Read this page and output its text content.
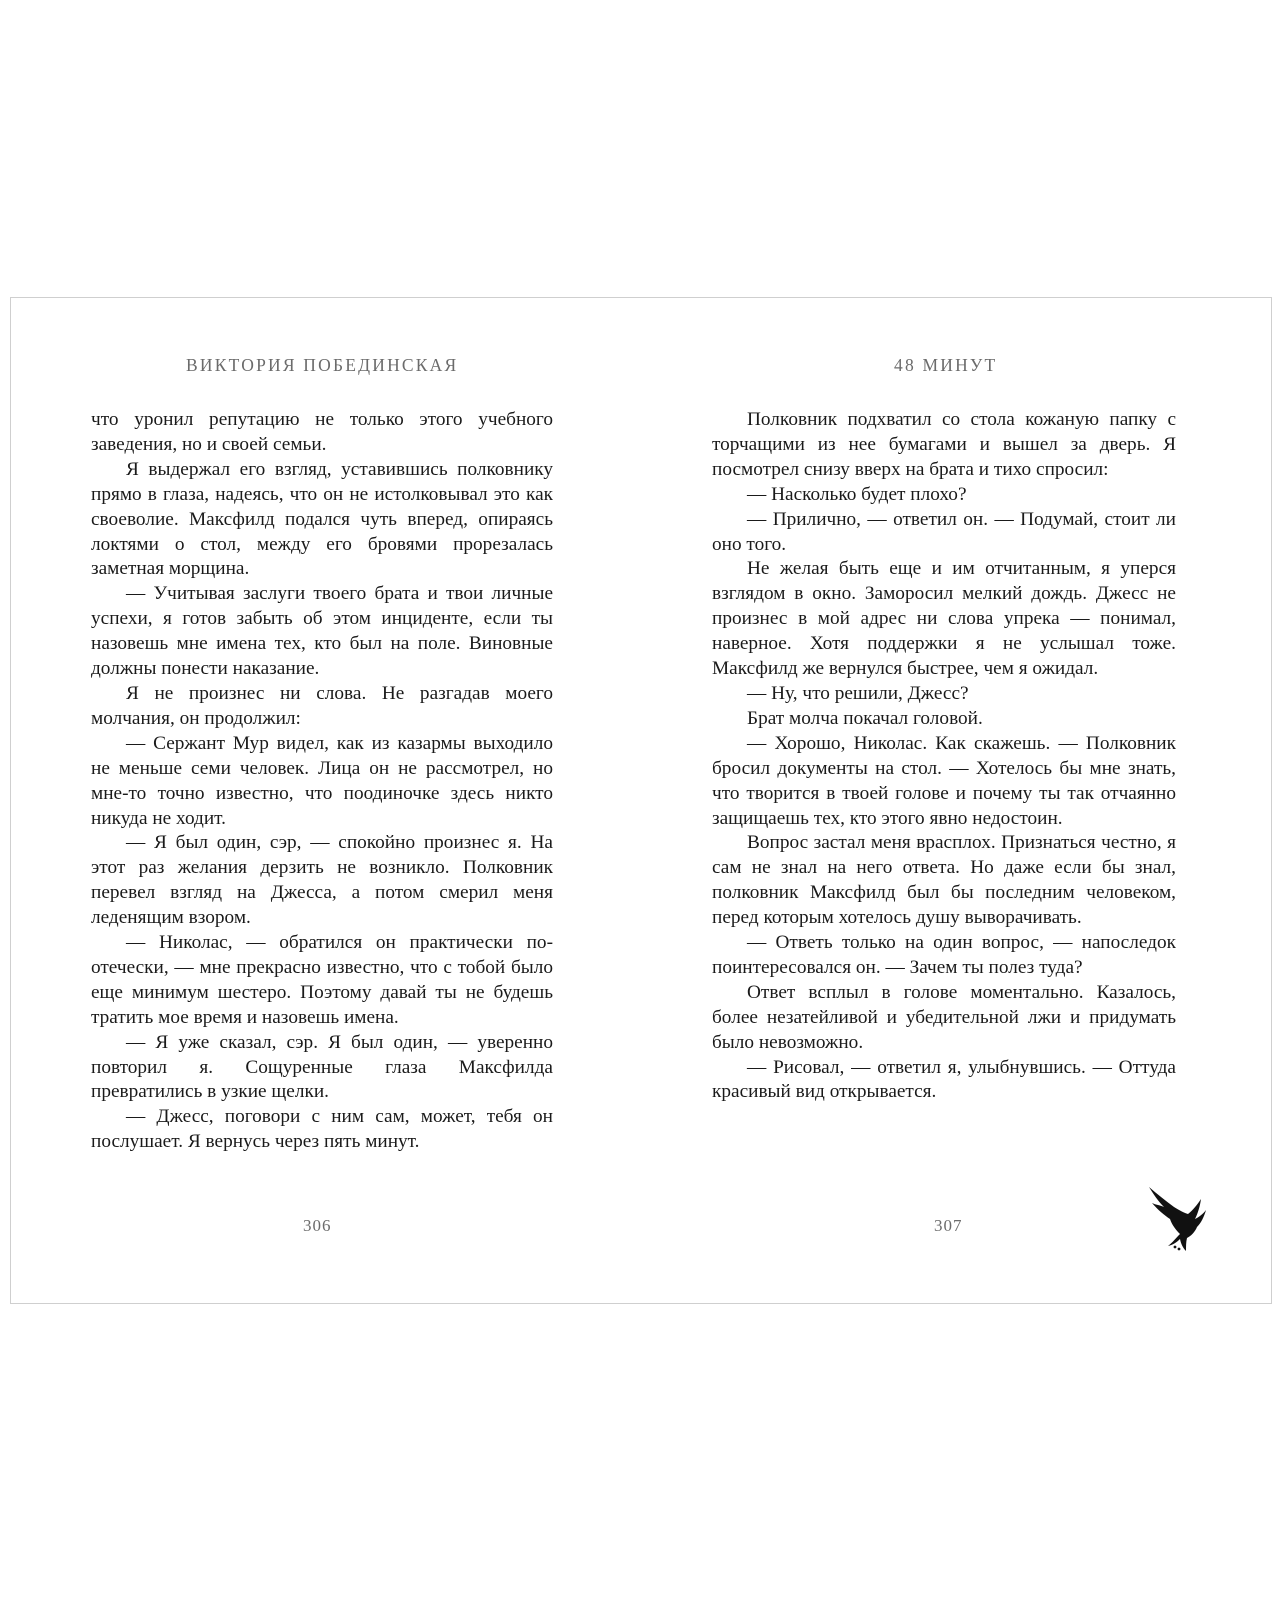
ВИКТОРИЯ ПОБЕДИНСКАЯ

что уронил репутацию не только этого учебного заведения, но и своей семьи.

Я выдержал его взгляд, уставившись полковнику прямо в глаза, надеясь, что он не истолковывал это как своеволие. Максфилд подался чуть вперед, опираясь локтями о стол, между его бровями прорезалась заметная морщина.

— Учитывая заслуги твоего брата и твои личные успехи, я готов забыть об этом инциденте, если ты назовешь мне имена тех, кто был на поле. Виновные должны понести наказание.

Я не произнес ни слова. Не разгадав моего молчания, он продолжил:

— Сержант Мур видел, как из казармы выходило не меньше семи человек. Лица он не рассмотрел, но мне-то точно известно, что поодиночке здесь никто никуда не ходит.

— Я был один, сэр, — спокойно произнес я. На этот раз желания дерзить не возникло. Полковник перевел взгляд на Джесса, а потом смерил меня леденящим взором.

— Николас, — обратился он практически по-отечески, — мне прекрасно известно, что с тобой было еще минимум шестеро. Поэтому давай ты не будешь тратить мое время и назовешь имена.

— Я уже сказал, сэр. Я был один, — уверенно повторил я. Сощуренные глаза Максфилда превратились в узкие щелки.

— Джесс, поговори с ним сам, может, тебя он послушает. Я вернусь через пять минут.

306
48 МИНУТ

Полковник подхватил со стола кожаную папку с торчащими из нее бумагами и вышел за дверь. Я посмотрел снизу вверх на брата и тихо спросил:

— Насколько будет плохо?

— Прилично, — ответил он. — Подумай, стоит ли оно того.

Не желая быть еще и им отчитанным, я уперся взглядом в окно. Заморосил мелкий дождь. Джесс не произнес в мой адрес ни слова упрека — понимал, наверное. Хотя поддержки я не услышал тоже. Максфилд же вернулся быстрее, чем я ожидал.

— Ну, что решили, Джесс?

Брат молча покачал головой.

— Хорошо, Николас. Как скажешь. — Полковник бросил документы на стол. — Хотелось бы мне знать, что творится в твоей голове и почему ты так отчаянно защищаешь тех, кто этого явно недостоин.

Вопрос застал меня врасплох. Признаться честно, я сам не знал на него ответа. Но даже если бы знал, полковник Максфилд был бы последним человеком, перед которым хотелось душу выворачивать.

— Ответь только на один вопрос, — напоследок поинтересовался он. — Зачем ты полез туда?

Ответ всплыл в голове моментально. Казалось, более незатейливой и убедительной лжи и придумать было невозможно.

— Рисовал, — ответил я, улыбнувшись. — Оттуда красивый вид открывается.

307
